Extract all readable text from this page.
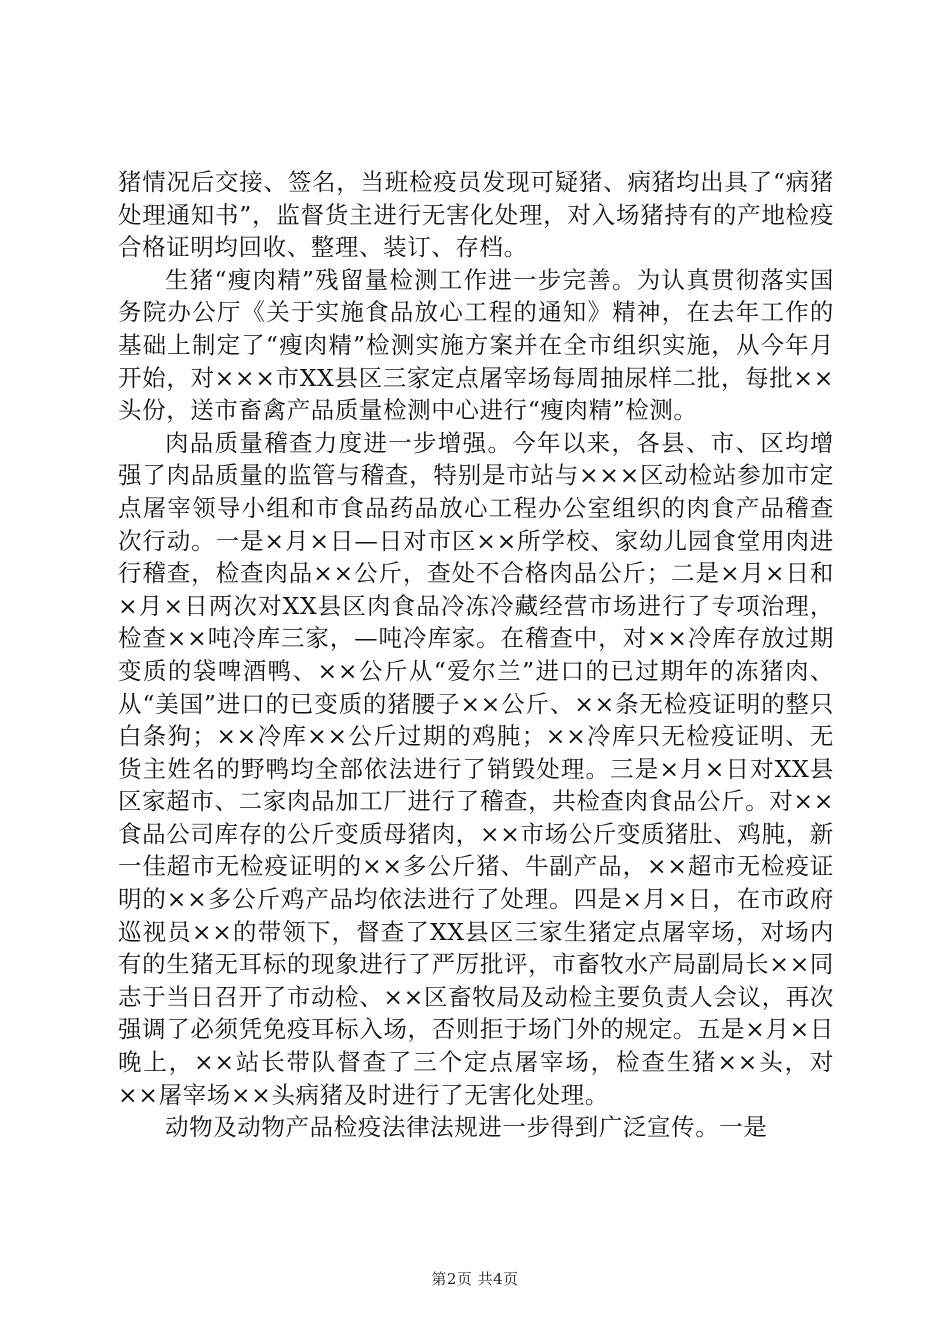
猪情况后交接、签名，当班检疫员发现可疑猪、病猪均出具了“病猪处理通知书”，监督货主进行无害化处理，对入场猪持有的产地检疫合格证明均回收、整理、装订、存档。

生猪“瘦肉精”残留量检测工作进一步完善。为认真贯彻落实国务院办公厅《关于实施食品放心工程的通知》精神，在去年工作的基础上制定了“瘦肉精”检测实施方案并在全市组织实施，从今年月开始，对×××市XX县区三家定点屠宰场每周抽尿样二批，每批××头份，送市畜禽产品质量检测中心进行“瘦肉精”检测。

肉品质量稽查力度进一步增强。今年以来，各县、市、区均增强了肉品质量的监管与稽查，特别是市站与×××区动检站参加市定点屠宰领导小组和市食品药品放心工程办公室组织的肉食产品稽查次行动。一是×月×日—日对市区××所学校、家幼儿园食堂用肉进行稽查，检查肉品××公斤，查处不合格肉品公斤；二是×月×日和×月×日两次对XX县区肉食品冷冻冷藏经营市场进行了专项治理，检查××吨冷库三家，—吨冷库家。在稽查中，对××冷库存放过期变质的袋啤酒鸭、××公斤从“爱尔兰”进口的已过期年的冻猪肉、从“美国”进口的已变质的猪腰子××公斤、××条无检疫证明的整只白条狗；××冷库××公斤过期的鸡肫；××冷库只无检疫证明、无货主姓名的野鸭均全部依法进行了销毁处理。三是×月×日对XX县区家超市、二家肉品加工厂进行了稽查，共检查肉食品公斤。对××食品公司库存的公斤变质母猪肉，××市场公斤变质猪肚、鸡肫，新一佳超市无检疫证明的××多公斤猪、牛副产品，××超市无检疫证明的××多公斤鸡产品均依法进行了处理。四是×月×日，在市政府巡视员××的带领下，督查了XX县区三家生猪定点屠宰场，对场内有的生猪无耳标的现象进行了严厉批评，市畜牧水产局副局长××同志于当日召开了市动检、××区畜牧局及动检主要负责人会议，再次强调了必须凭免疫耳标入场，否则拒于场门外的规定。五是×月×日晚上，××站长带队督查了三个定点屠宰场，检查生猪××头，对××屠宰场××头病猪及时进行了无害化处理。

动物及动物产品检疫法律法规进一步得到广泛宣传。一是

第2页 共4页
